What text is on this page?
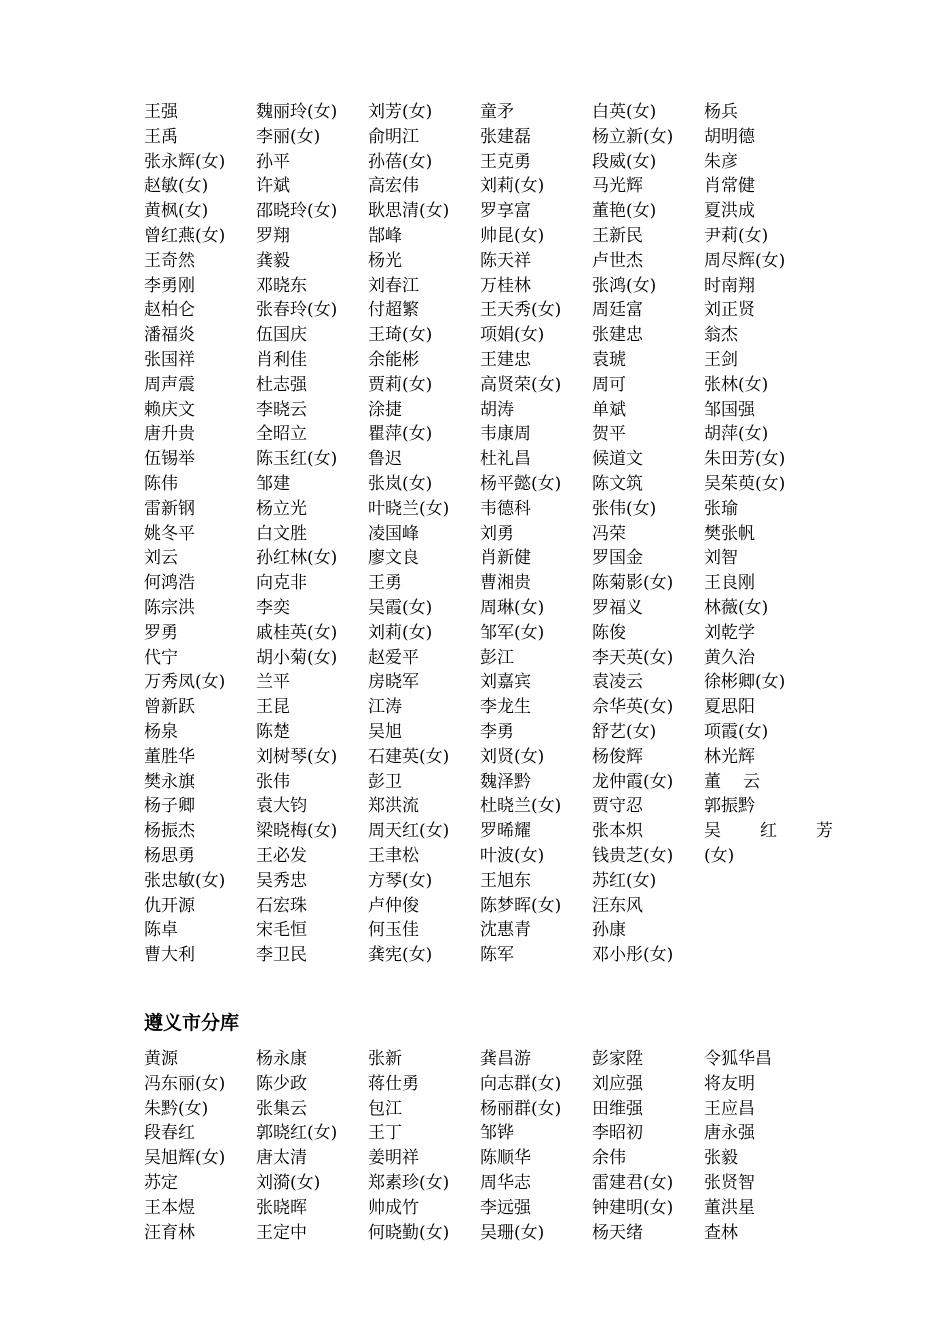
王强	魏丽玲(女)	刘芳(女)	童矛	白英(女)	杨兵
王禹	李丽(女)	俞明江	张建磊	杨立新(女)	胡明德
张永辉(女)	孙平	孙蓓(女)	王克勇	段威(女)	朱彦
赵敏(女)	许斌	高宏伟	刘莉(女)	马光辉	肖常健
黄枫(女)	邵晓玲(女)	耿思清(女)	罗享富	董艳(女)	夏洪成
曾红燕(女)	罗翔	郜峰	帅昆(女)	王新民	尹莉(女)
王奇然	龚毅	杨光	陈天祥	卢世杰	周尽辉(女)
李勇刚	邓晓东	刘春江	万桂林	张鸿(女)	时南翔
赵柏仑	张春玲(女)	付超繁	王天秀(女)	周廷富	刘正贤
潘福炎	伍国庆	王琦(女)	项娟(女)	张建忠	翁杰
张国祥	肖利佳	余能彬	王建忠	袁琥	王剑
周声震	杜志强	贾莉(女)	高贤荣(女)	周可	张林(女)
赖庆文	李晓云	涂捷	胡涛	单斌	邹国强
唐升贵	全昭立	瞿萍(女)	韦康周	贺平	胡萍(女)
伍锡举	陈玉红(女)	鲁迟	杜礼昌	候道文	朱田芳(女)
陈伟	邹建	张岚(女)	杨平懿(女)	陈文筑	吴茱萸(女)
雷新钢	杨立光	叶晓兰(女)	韦德科	张伟(女)	张瑜
姚冬平	白文胜	凌国峰	刘勇	冯荣	樊张帆
刘云	孙红林(女)	廖文良	肖新健	罗国金	刘智
何鸿浩	向克非	王勇	曹湘贵	陈菊影(女)	王良刚
陈宗洪	李奕	吴霞(女)	周琳(女)	罗福义	林薇(女)
罗勇	戚桂英(女)	刘莉(女)	邹军(女)	陈俊	刘乾学
代宁	胡小菊(女)	赵爱平	彭江	李天英(女)	黄久治
万秀凤(女)	兰平	房晓军	刘嘉宾	袁凌云	徐彬卿(女)
曾新跃	王昆	江涛	李龙生	佘华英(女)	夏思阳
杨泉	陈楚	吴旭	李勇	舒艺(女)	项霞(女)
董胜华	刘树琴(女)	石建英(女)	刘贤(女)	杨俊辉	林光辉
樊永旗	张伟	彭卫	魏泽黔	龙仲霞(女)	董云
杨子卿	袁大钧	郑洪流	杜晓兰(女)	贾守忍	郭振黔
杨振杰	梁晓梅(女)	周天红(女)	罗晞耀	张本炽	吴红芳
杨思勇	王必发	王聿松	叶波(女)	钱贵芝(女)	(女)
张忠敏(女)	吴秀忠	方琴(女)	王旭东	苏红(女)
仇开源	石宏珠	卢仲俊	陈梦晖(女)	汪东风
陈卓	宋毛恒	何玉佳	沈惠青	孙康
曹大利	李卫民	龚宪(女)	陈军	邓小彤(女)
遵义市分库
黄源	杨永康	张新	龚昌游	彭家陞	令狐华昌
冯东丽(女)	陈少政	蒋仕勇	向志群(女)	刘应强	将友明
朱黔(女)	张集云	包江	杨丽群(女)	田维强	王应昌
段春红	郭晓红(女)	王丁	邹铧	李昭初	唐永强
吴旭辉(女)	唐太清	姜明祥	陈顺华	余伟	张毅
苏定	刘漪(女)	郑素珍(女)	周华志	雷建君(女)	张贤智
王本煜	张晓晖	帅成竹	李远强	钟建明(女)	董洪星
汪育林	王定中	何晓勤(女)	吴珊(女)	杨天绪	查林
